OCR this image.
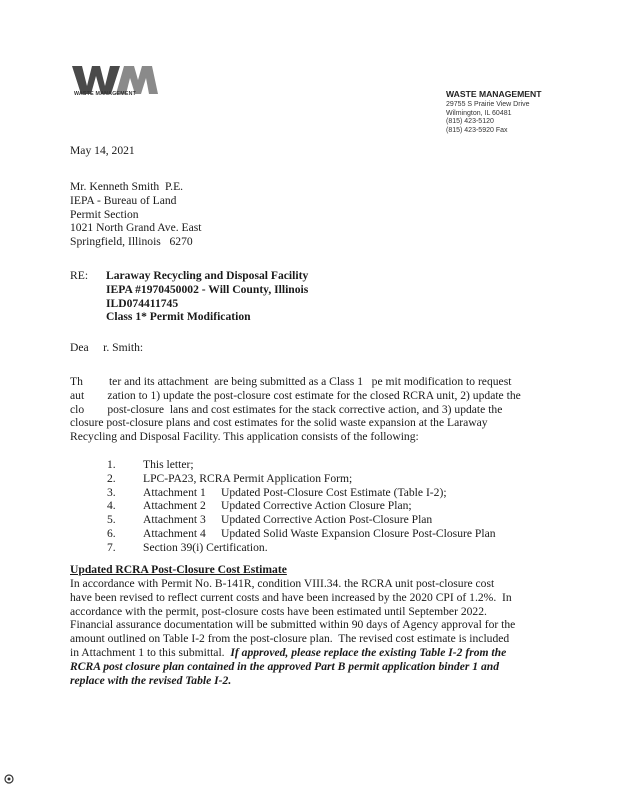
WASTE MANAGEMENT	WASTE MANAGEMENT
29755 S Prairie View Drive
Wilmington, IL 60481
(815) 423-5120
(815) 423-5920 Fax
May 14, 2021
Mr. Kenneth Smith  P.E.
IEPA - Bureau of Land
Permit Section
1021 North Grand Ave. East
Springfield, Illinois   6270
RE: Laraway Recycling and Disposal Facility
IEPA #1970450002 - Will County, Illinois
ILD074411745
Class 1* Permit Modification
Dea     r. Smith:
Th         ter and its attachment  are being submitted as a Class 1   pe mit modification to request
aut        zation to 1) update the post-closure cost estimate for the closed RCRA unit, 2) update the
clo        post-closure  lans and cost estimates for the stack corrective action, and 3) update the
closure post-closure plans and cost estimates for the solid waste expansion at the Laraway
Recycling and Disposal Facility. This application consists of the following:
1.	This letter;
2.	LPC-PA23, RCRA Permit Application Form;
3.	Attachment 1	Updated Post-Closure Cost Estimate (Table I-2);
4.	Attachment 2	Updated Corrective Action Closure Plan;
5.	Attachment 3	Updated Corrective Action Post-Closure Plan
6.	Attachment 4	Updated Solid Waste Expansion Closure Post-Closure Plan
7.	Section 39(i) Certification.
Updated RCRA Post-Closure Cost Estimate
In accordance with Permit No. B-141R, condition VIII.34. the RCRA unit post-closure cost
have been revised to reflect current costs and have been increased by the 2020 CPI of 1.2%.  In
accordance with the permit, post-closure costs have been estimated until September 2022.
Financial assurance documentation will be submitted within 90 days of Agency approval for the
amount outlined on Table I-2 from the post-closure plan.  The revised cost estimate is included
in Attachment 1 to this submittal.  If approved, please replace the existing Table I-2 from the
RCRA post closure plan contained in the approved Part B permit application binder 1 and
replace with the revised Table I-2.
